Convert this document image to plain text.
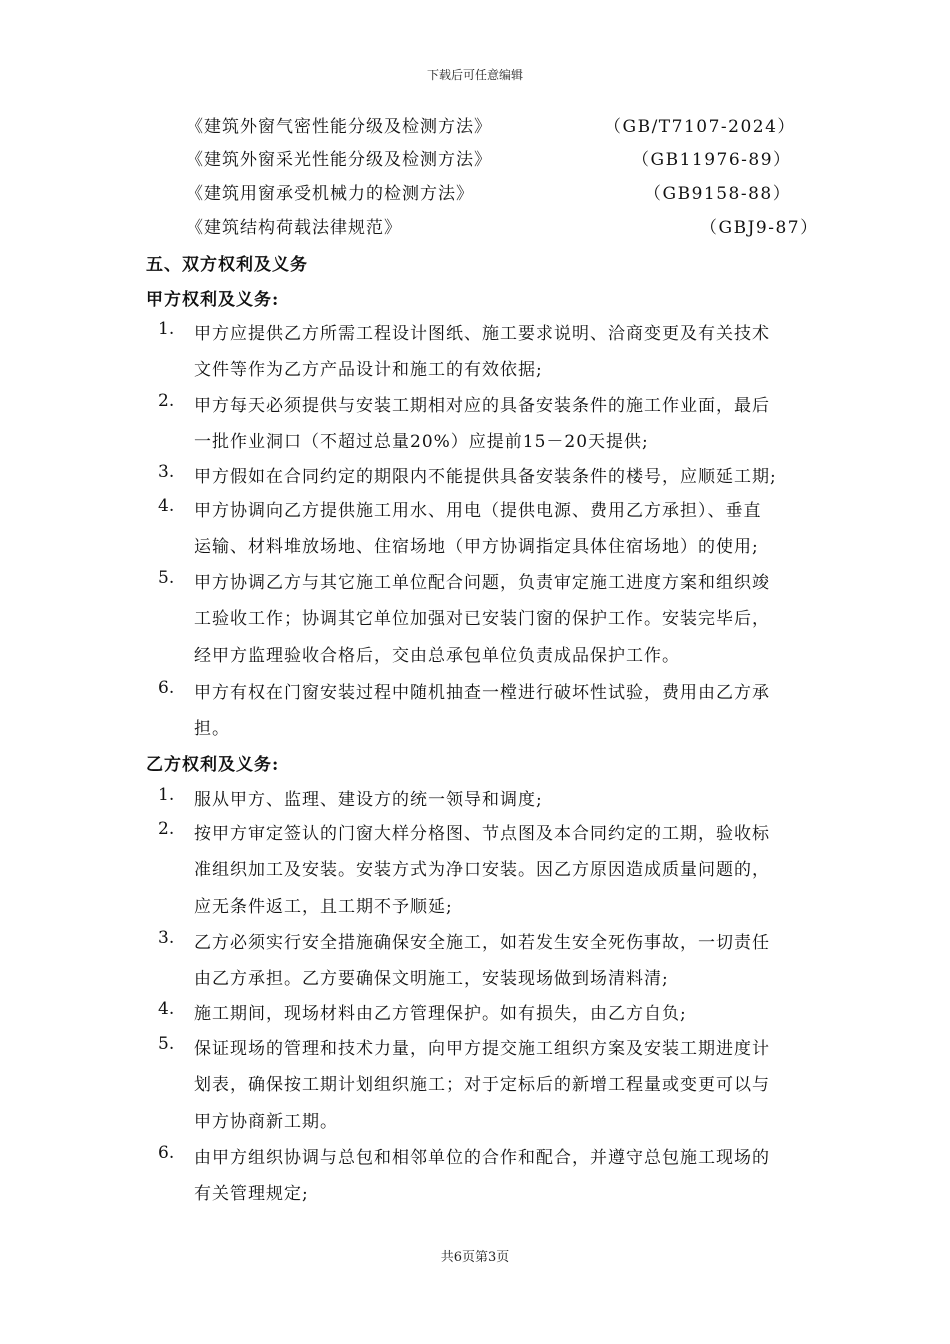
下载后可任意编辑
《建筑外窗气密性能分级及检测方法》	（GB/T7107-2024）
《建筑外窗采光性能分级及检测方法》	（GB11976-89）
《建筑用窗承受机械力的检测方法》	（GB9158-88）
《建筑结构荷载法律规范》	（GBJ9-87）
五、双方权利及义务
甲方权利及义务:
1. 甲方应提供乙方所需工程设计图纸、施工要求说明、洽商变更及有关技术
文件等作为乙方产品设计和施工的有效依据;
2. 甲方每天必须提供与安装工期相对应的具备安装条件的施工作业面，最后
一批作业洞口（不超过总量20%）应提前15－20天提供;
3. 甲方假如在合同约定的期限内不能提供具备安装条件的楼号，应顺延工期;
4. 甲方协调向乙方提供施工用水、用电（提供电源、费用乙方承担）、垂直
运输、材料堆放场地、住宿场地（甲方协调指定具体住宿场地）的使用;
5. 甲方协调乙方与其它施工单位配合问题，负责审定施工进度方案和组织竣
工验收工作；协调其它单位加强对已安装门窗的保护工作。安装完毕后，
经甲方监理验收合格后，交由总承包单位负责成品保护工作。
6. 甲方有权在门窗安装过程中随机抽查一樘进行破坏性试验，费用由乙方承
担。
乙方权利及义务:
1. 服从甲方、监理、建设方的统一领导和调度;
2. 按甲方审定签认的门窗大样分格图、节点图及本合同约定的工期，验收标
准组织加工及安装。安装方式为净口安装。因乙方原因造成质量问题的，
应无条件返工，且工期不予顺延;
3. 乙方必须实行安全措施确保安全施工，如若发生安全死伤事故，一切责任
由乙方承担。乙方要确保文明施工，安装现场做到场清料清;
4. 施工期间，现场材料由乙方管理保护。如有损失，由乙方自负;
5. 保证现场的管理和技术力量，向甲方提交施工组织方案及安装工期进度计
划表，确保按工期计划组织施工；对于定标后的新增工程量或变更可以与
甲方协商新工期。
6. 由甲方组织协调与总包和相邻单位的合作和配合，并遵守总包施工现场的
有关管理规定;
共6页第3页
